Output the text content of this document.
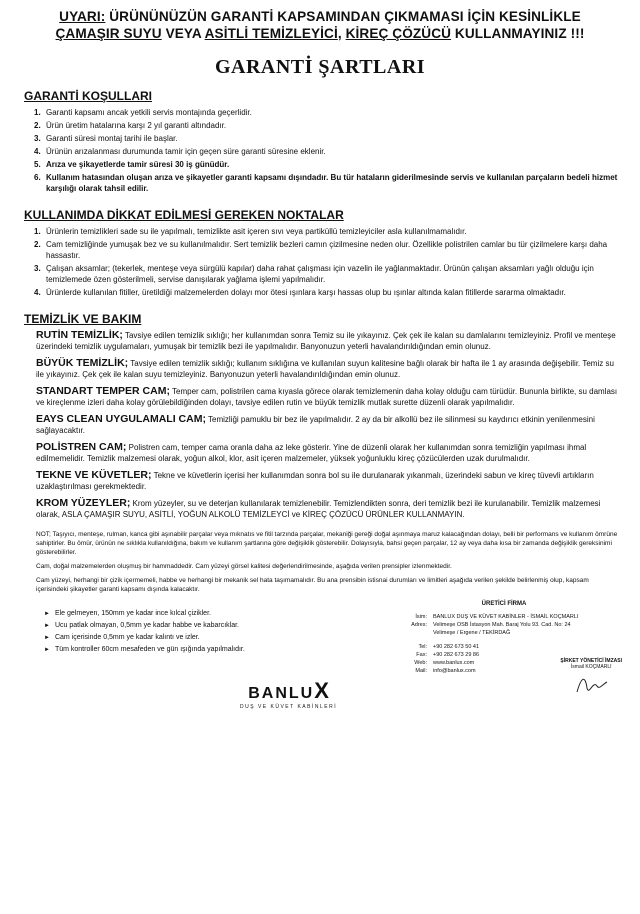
UYARI: ÜRÜNÜNÜZÜN GARANTİ KAPSAMINDAN ÇIKMAMASI İÇİN KESİNLİKLE
ÇAMAŞIR SUYU VEYA ASİTLİ TEMİZLEYİCİ, KİREÇ ÇÖZÜCÜ KULLANMAYINIZ !!!
GARANTİ ŞARTLARI
GARANTİ KOŞULLARI
1. Garanti kapsamı ancak yetkili servis montajında geçerlidir.
2. Ürün üretim hatalarına karşı 2 yıl garanti altındadır.
3. Garanti süresi montaj tarihi ile başlar.
4. Ürünün arızalanması durumunda tamir için geçen süre garanti süresine eklenir.
5. Arıza ve şikayetlerde tamir süresi 30 iş günüdür.
6. Kullanım hatasından oluşan arıza ve şikayetler garanti kapsamı dışındadır. Bu tür hataların giderilmesinde servis ve kullanılan parçaların bedeli hizmet karşılığı olarak tahsil edilir.
KULLANIMDA DİKKAT EDİLMESİ GEREKEN NOKTALAR
1. Ürünlerin temizlikleri sade su ile yapılmalı, temizlikte asit içeren sıvı veya partiküllü temizleyiciler asla kullanılmamalıdır.
2. Cam temizliğinde yumuşak bez ve su kullanılmalıdır. Sert temizlik bezleri camın çizilmesine neden olur. Özellikle polistrilen camlar bu tür çizilmelere karşı daha hassastır.
3. Çalışan aksamlar; (tekerlek, menteşe veya sürgülü kapılar) daha rahat çalışması için vazelin ile yağlanmaktadır. Ürünün çalışan aksamları yağlı olduğu için temizlemede özen gösterilmeli, servise danışılarak yağlama işlemi yapılmalıdır.
4. Ürünlerde kullanılan fitiller, üretildiği malzemelerden dolayı mor ötesi ışınlara karşı hassas olup bu ışınlar altında kalan fitillerde sararma olmaktadır.
TEMİZLİK VE BAKIM

RUTİN TEMİZLİK; Tavsiye edilen temizlik sıklığı; her kullanımdan sonra Temiz su ile yıkayınız. Çek çek ile kalan su damlalarını temizleyiniz. Profil ve menteşe üzerindeki temizlik uygulamaları, yumuşak bir temizlik bezi ile yapılmalıdır. Banyonuzun yeterli havalandırıldığından emin olunuz.

BÜYÜK TEMİZLİK; Tavsiye edilen temizlik sıklığı; kullanım sıklığına ve kullanılan suyun kalitesine bağlı olarak bir hafta ile 1 ay arasında değişebilir. Temiz su ile yıkayınız. Çek çek ile kalan suyu temizleyiniz. Banyonuzun yeterli havalandırıldığından emin olunuz.

STANDART TEMPER CAM; Temper cam, polistrilen cama kıyasla görece olarak temizlemenin daha kolay olduğu cam türüdür. Bununla birlikte, su damlası ve kireçlenme izleri daha kolay görülebildiğinden dolayı, tavsiye edilen rutin ve büyük temizlik mutlak surette düzenli olarak yapılmalıdır.

EAYS CLEAN UYGULAMALI CAM; Temizliği pamuklu bir bez ile yapılmalıdır. 2 ay da bir alkollü bez ile silinmesi su kaydırıcı etkinin yenilenmesini sağlayacaktır.

POLİSTREN CAM; Polistren cam, temper cama oranla daha az leke gösterir. Yine de düzenli olarak her kullanımdan sonra temizliğin yapılması ihmal edilmemelidir. Temizlik malzemesi olarak, yoğun alkol, klor, asit içeren malzemeler, yüksek yoğunluklu kireç çözücülerden uzak durulmalıdır.

TEKNE VE KÜVETLER; Tekne ve küvetlerin içerisi her kullanımdan sonra bol su ile durulanarak yıkanmalı, üzerindeki sabun ve kireç tüvevli artıkların uzaklaştırılması gerekmektedir.

KROM YÜZEYLER; Krom yüzeyler, su ve deterjan kullanılarak temizlenebilir. Temizlendikten sonra, deri temizlik bezi ile kurulanabilir. Temizlik malzemesi olarak, ASLA ÇAMAŞIR SUYU, ASİTLİ, YOĞUN ALKOLÜ TEMİZLEYCİ ve KİREÇ ÇÖZÜCÜ ÜRÜNLER KULLANMAYIN.

NOT; Taşıyıcı, menteşe, rulman, kanca gibi aşınabilir parçalar veya mıknatıs ve fitil tarzında parçalar, mekaniği gereği doğal aşınmaya maruz kalacağından dolayı, belli bir performans ve kullanım ömrüne sahiptirler. Bu ömür, ürünün ne sıklıkla kullanıldığına, bakım ve kullanım şartlarına göre değişiklik gösterebilir. Dolayısıyla, bahsi geçen parçalar, 12 ay veya daha kısa bir zamanda değişiklik gereksinimi gösterebilirler.

Cam, doğal malzemelerden oluşmuş bir hammaddedir. Cam yüzeyi görsel kalitesi değerlendirilmesinde, aşağıda verilen prensipler izlenmektedir.

Cam yüzeyi, herhangi bir çizik içermemeli, habbe ve herhangi bir mekanik sel hata taşımamalıdır. Bu ana prensibin istisnai durumları ve limitleri aşağıda verilen şekilde belirlenmiş olup, kapsam içerisindeki şikayetler garanti kapsamı dışında kalacaktır.

► Ele gelmeyen, 150mm ye kadar ince kılcal çizikler.
► Ucu patlak olmayan, 0,5mm ye kadar habbe ve kabarcıklar.
► Cam içerisinde 0,5mm ye kadar kalıntı ve izler.
► Tüm kontroller 60cm mesafeden ve gün ışığında yapılmalıdır.
BANLUX
DUŞ VE KÜVET KABİNLERİ
ÜRETİCİ FİRMA
İsim:	BANLUX DUŞ VE KÜVET KABİNLER - İSMAİL KOÇMARLI
Adres:	Velimeşe OSB İstasyon Mah. Baraj Yolu 93. Cad. No: 24
	Velimeşe / Ergene / TEKİRDAĞ
Tel:	+90 282 673 50 41
Fax:	+90 282 673 29 86
Web:	www.banlux.com
Mail:	info@banlux.com
ŞİRKET YÖNETİCİ İMZASI
İsmail KOÇMARLI
